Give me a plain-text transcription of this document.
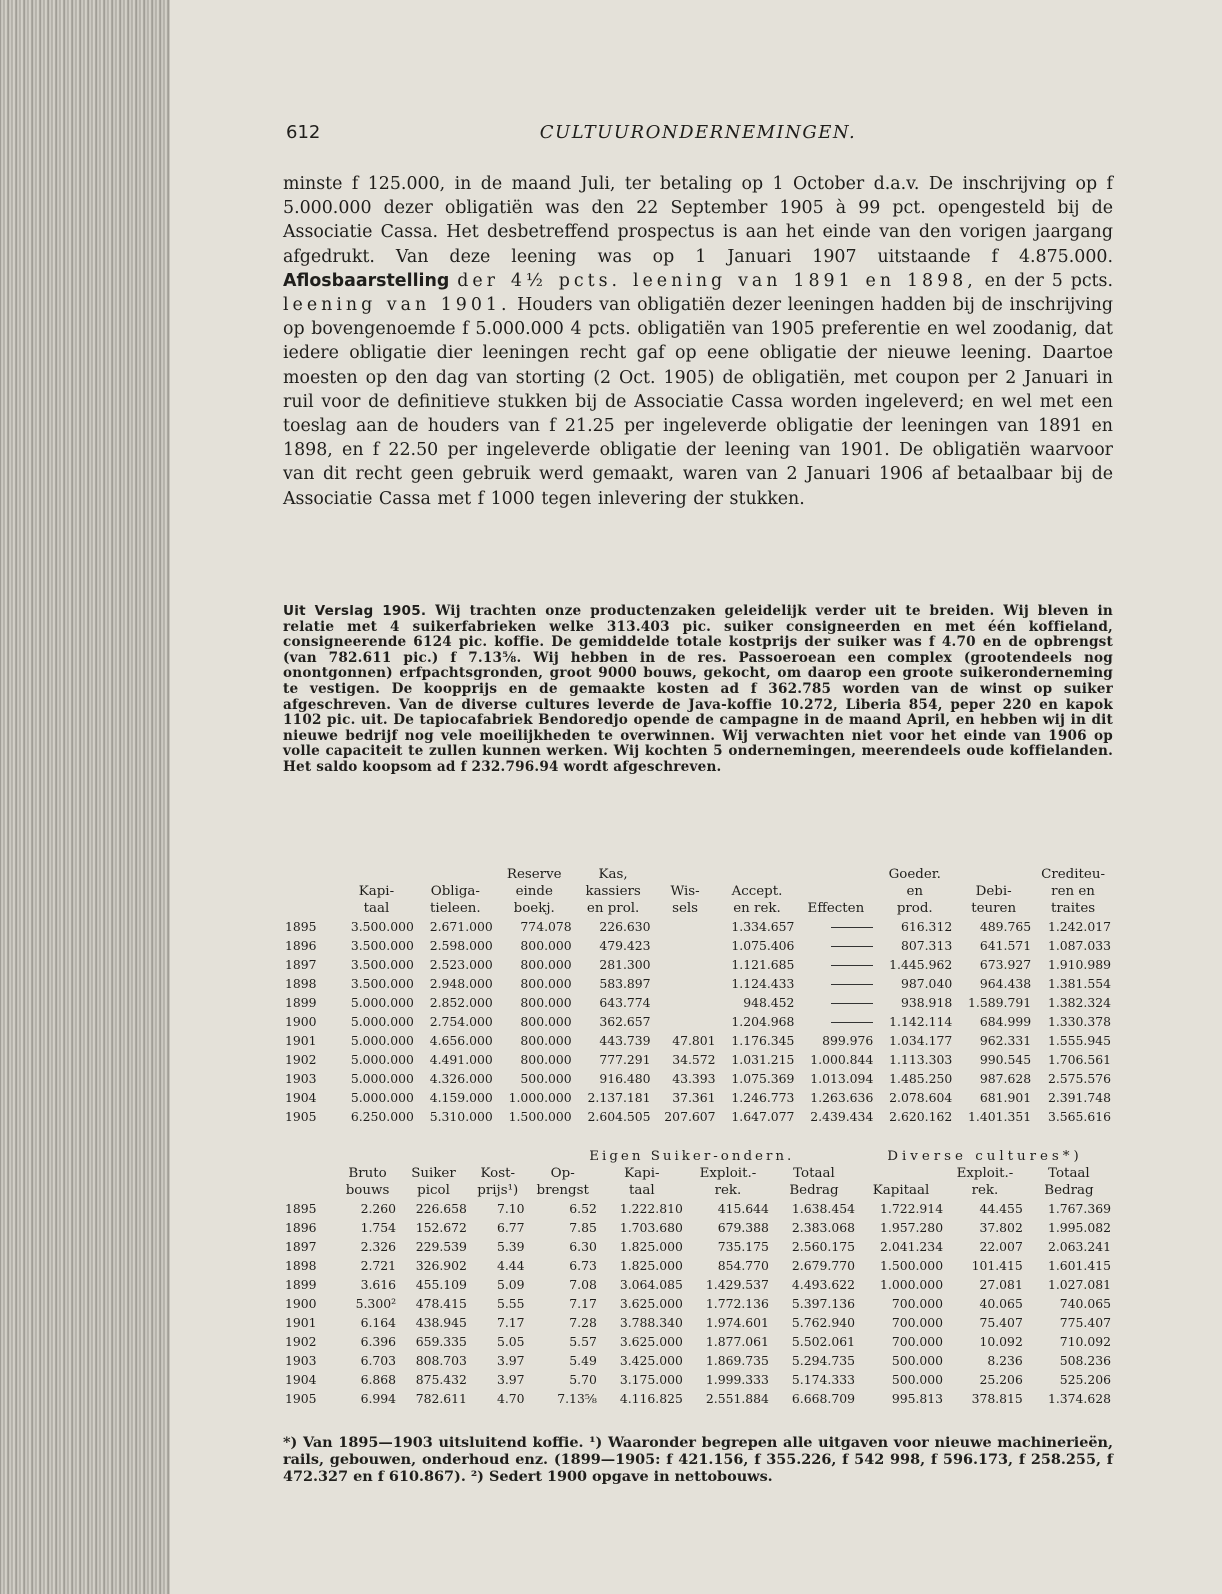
612	CULTUURONDERNEMINGEN.
minste f 125.000, in de maand Juli, ter betaling op 1 October d.a.v. De inschrijving op f 5.000.000 dezer obligatiën was den 22 September 1905 à 99 pct. opengesteld bij de Associatie Cassa. Het desbetreffend prospectus is aan het einde van den vorigen jaargang afgedrukt. Van deze leening was op 1 Januari 1907 uitstaande f 4.875.000. Aflosbaarstelling der 4½ pcts. leening van 1891 en 1898, en der 5 pcts. leening van 1901. Houders van obligatiën dezer leeningen hadden bij de inschrijving op bovengenoemde f 5.000.000 4 pcts. obligatiën van 1905 preferentie en wel zoodanig, dat iedere obligatie dier leeningen recht gaf op eene obligatie der nieuwe leening. Daartoe moesten op den dag van storting (2 Oct. 1905) de obligatiën, met coupon per 2 Januari in ruil voor de definitieve stukken bij de Associatie Cassa worden ingeleverd; en wel met een toeslag aan de houders van f 21.25 per ingeleverde obligatie der leeningen van 1891 en 1898, en f 22.50 per ingeleverde obligatie der leening van 1901. De obligatiën waarvoor van dit recht geen gebruik werd gemaakt, waren van 2 Januari 1906 af betaalbaar bij de Associatie Cassa met f 1000 tegen inlevering der stukken.
Uit Verslag 1905. Wij trachten onze productenzaken geleidelijk verder uit te breiden. Wij bleven in relatie met 4 suikerfabrieken welke 313.403 pic. suiker consigneerden en met één koffieland, consigneerende 6124 pic. koffie. De gemiddelde totale kostprijs der suiker was f 4.70 en de opbrengst (van 782.611 pic.) f 7.13⅝. Wij hebben in de res. Passoeroean een complex (grootendeels nog onontgonnen) erfpachtsgronden, groot 9000 bouws, gekocht, om daarop een groote suikeronderneming te vestigen. De koopprijs en de gemaakte kosten ad f 362.785 worden van de winst op suiker afgeschreven. Van de diverse cultures leverde de Java-koffie 10.272, Liberia 854, peper 220 en kapok 1102 pic. uit. De tapiocafabriek Bendoredjo opende de campagne in de maand April, en hebben wij in dit nieuwe bedrijf nog vele moeilijkheden te overwinnen. Wij verwachten niet voor het einde van 1906 op volle capaciteit te zullen kunnen werken. Wij kochten 5 ondernemingen, meerendeels oude koffielanden. Het saldo koopsom ad f 232.796.94 wordt afgeschreven.
			Reserve	Kas,				Goeder.		Crediteu-
	Kapi-	Obliga-	einde	kassiers	Wis-	Accept.		en	Debi-	ren en
	taal	tieleen.	boekj.	en prol.	sels	en rek.	Effecten	prod.	teuren	traites
1895	3.500.000	2.671.000	774.078	226.630		1.334.657		616.312	489.765	1.242.017
1896	3.500.000	2.598.000	800.000	479.423		1.075.406		807.313	641.571	1.087.033
1897	3.500.000	2.523.000	800.000	281.300		1.121.685		1.445.962	673.927	1.910.989
1898	3.500.000	2.948.000	800.000	583.897		1.124.433		987.040	964.438	1.381.554
1899	5.000.000	2.852.000	800.000	643.774		948.452		938.918	1.589.791	1.382.324
1900	5.000.000	2.754.000	800.000	362.657		1.204.968		1.142.114	684.999	1.330.378
1901	5.000.000	4.656.000	800.000	443.739	47.801	1.176.345	899.976	1.034.177	962.331	1.555.945
1902	5.000.000	4.491.000	800.000	777.291	34.572	1.031.215	1.000.844	1.113.303	990.545	1.706.561
1903	5.000.000	4.326.000	500.000	916.480	43.393	1.075.369	1.013.094	1.485.250	987.628	2.575.576
1904	5.000.000	4.159.000	1.000.000	2.137.181	37.361	1.246.773	1.263.636	2.078.604	681.901	2.391.748
1905	6.250.000	5.310.000	1.500.000	2.604.505	207.607	1.647.077	2.439.434	2.620.162	1.401.351	3.565.616
				Eigen Suiker-ondern.				Diverse cultures*)		
	Bruto	Suiker	Kost-	Op-	Kapi-	Exploit.-	Totaal		Exploit.-	Totaal
	bouws	picol	prijs¹)	brengst	taal	rek.	Bedrag	Kapitaal	rek.	Bedrag
1895	2.260	226.658	7.10	6.52	1.222.810	415.644	1.638.454	1.722.914	44.455	1.767.369
1896	1.754	152.672	6.77	7.85	1.703.680	679.388	2.383.068	1.957.280	37.802	1.995.082
1897	2.326	229.539	5.39	6.30	1.825.000	735.175	2.560.175	2.041.234	22.007	2.063.241
1898	2.721	326.902	4.44	6.73	1.825.000	854.770	2.679.770	1.500.000	101.415	1.601.415
1899	3.616	455.109	5.09	7.08	3.064.085	1.429.537	4.493.622	1.000.000	27.081	1.027.081
1900	5.300²	478.415	5.55	7.17	3.625.000	1.772.136	5.397.136	700.000	40.065	740.065
1901	6.164	438.945	7.17	7.28	3.788.340	1.974.601	5.762.940	700.000	75.407	775.407
1902	6.396	659.335	5.05	5.57	3.625.000	1.877.061	5.502.061	700.000	10.092	710.092
1903	6.703	808.703	3.97	5.49	3.425.000	1.869.735	5.294.735	500.000	8.236	508.236
1904	6.868	875.432	3.97	5.70	3.175.000	1.999.333	5.174.333	500.000	25.206	525.206
1905	6.994	782.611	4.70	7.13⅝	4.116.825	2.551.884	6.668.709	995.813	378.815	1.374.628
*) Van 1895—1903 uitsluitend koffie. ¹) Waaronder begrepen alle uitgaven voor nieuwe machinerieën, rails, gebouwen, onderhoud enz. (1899—1905: f 421.156, f 355.226, f 542 998, f 596.173, f 258.255, f 472.327 en f 610.867). ²) Sedert 1900 opgave in nettobouws.
